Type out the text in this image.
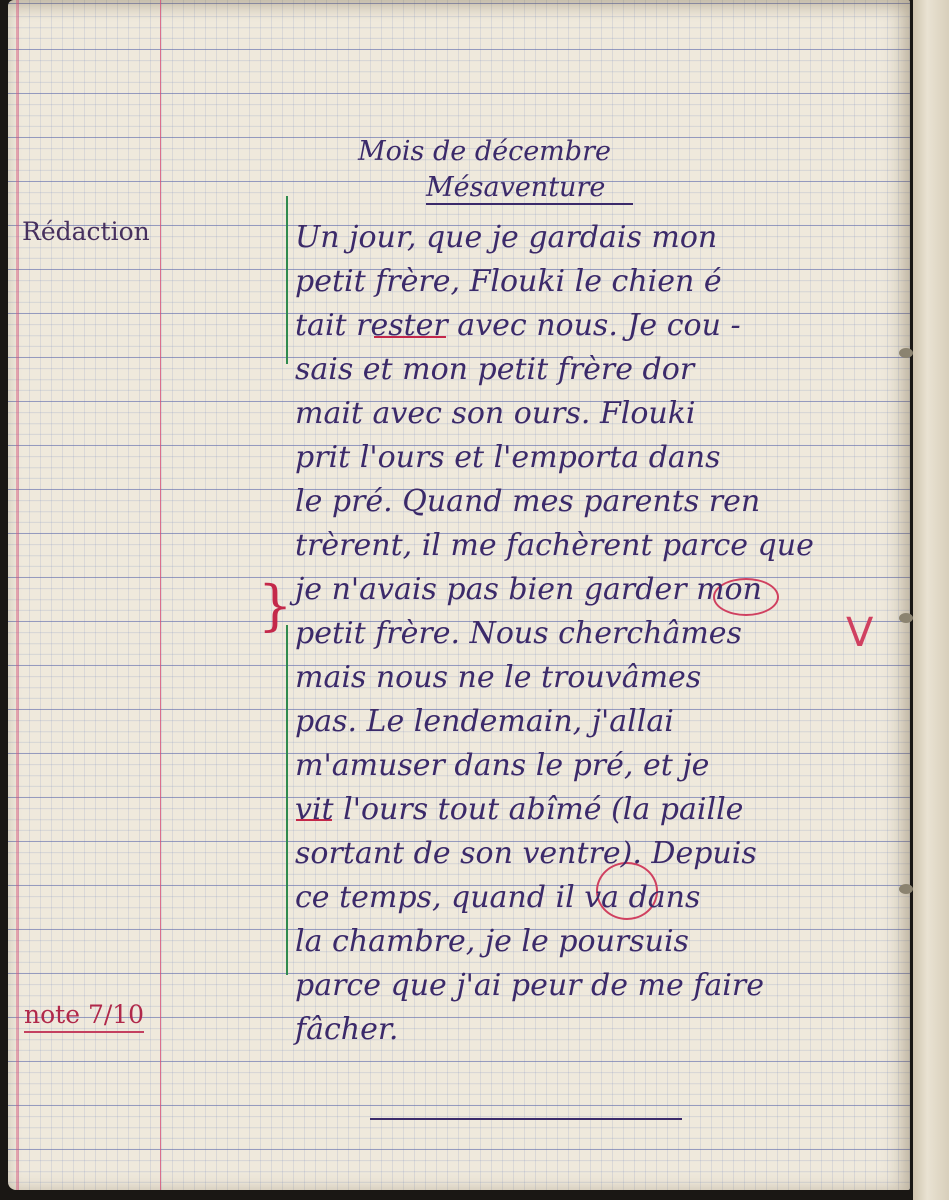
Mois de décembre

Mésaventure

Rédaction

note 7/10

}	V
Un jour, que je gardais mon
petit frère, Flouki le chien é
tait rester avec nous. Je cou -
sais et mon petit frère dor
mait avec son ours. Flouki
prit l'ours et l'emporta dans
le pré. Quand mes parents ren
trèrent, il me fachèrent parce que
je n'avais pas bien garder mon
petit frère. Nous cherchâmes
mais nous ne le trouvâmes
pas. Le lendemain, j'allai
m'amuser dans le pré, et je
vit l'ours tout abîmé (la paille
sortant de son ventre). Depuis
ce temps, quand il va dans
la chambre, je le poursuis
parce que j'ai peur de me faire
fâcher.
